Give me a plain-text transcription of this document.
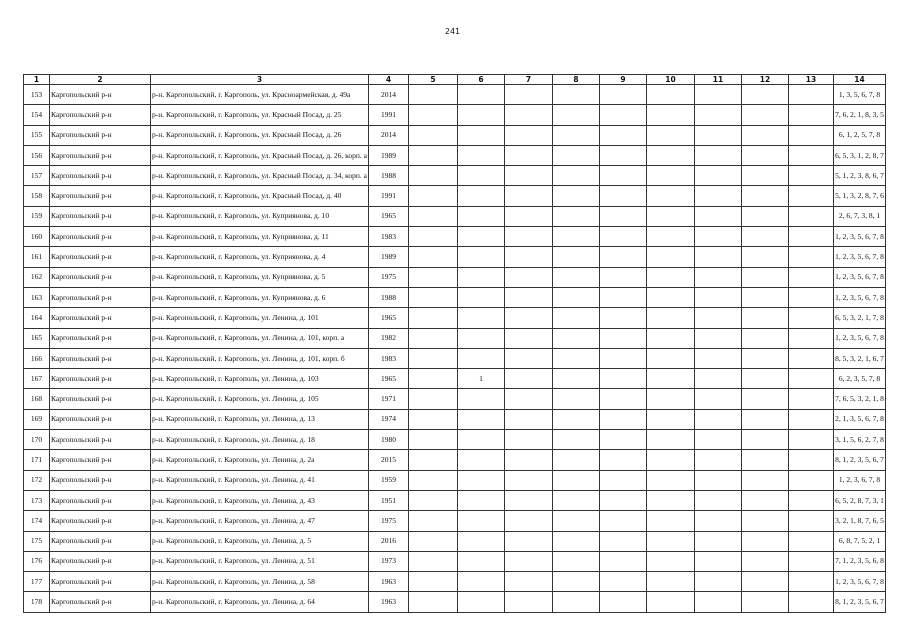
241
1	2	3	4	5	6	7	8	9	10	11	12	13	14
153	Каргопольский р-н	р-н. Каргопольский, г. Каргополь, ул. Красноармейская, д. 49а	2014										1, 3, 5, 6, 7, 8
154	Каргопольский р-н	р-н. Каргопольский, г. Каргополь, ул. Красный Посад, д. 25	1991										7, 6, 2, 1, 8, 3, 5
155	Каргопольский р-н	р-н. Каргопольский, г. Каргополь, ул. Красный Посад, д. 26	2014										6, 1, 2, 5, 7, 8
156	Каргопольский р-н	р-н. Каргопольский, г. Каргополь, ул. Красный Посад, д. 26, корп. а	1989										6, 5, 3, 1, 2, 8, 7
157	Каргопольский р-н	р-н. Каргопольский, г. Каргополь, ул. Красный Посад, д. 34, корп. а	1988										5, 1, 2, 3, 8, 6, 7
158	Каргопольский р-н	р-н. Каргопольский, г. Каргополь, ул. Красный Посад, д. 40	1991										5, 1, 3, 2, 8, 7, 6
159	Каргопольский р-н	р-н. Каргопольский, г. Каргополь, ул. Куприянова, д. 10	1965										2, 6, 7, 3, 8, 1
160	Каргопольский р-н	р-н. Каргопольский, г. Каргополь, ул. Куприянова, д. 11	1983										1, 2, 3, 5, 6, 7, 8
161	Каргопольский р-н	р-н. Каргопольский, г. Каргополь, ул. Куприянова, д. 4	1989										1, 2, 3, 5, 6, 7, 8
162	Каргопольский р-н	р-н. Каргопольский, г. Каргополь, ул. Куприянова, д. 5	1975										1, 2, 3, 5, 6, 7, 8
163	Каргопольский р-н	р-н. Каргопольский, г. Каргополь, ул. Куприянова, д. 6	1988										1, 2, 3, 5, 6, 7, 8
164	Каргопольский р-н	р-н. Каргопольский, г. Каргополь, ул. Ленина, д. 101	1965										6, 5, 3, 2, 1, 7, 8
165	Каргопольский р-н	р-н. Каргопольский, г. Каргополь, ул. Ленина, д. 101, корп. а	1982										1, 2, 3, 5, 6, 7, 8
166	Каргопольский р-н	р-н. Каргопольский, г. Каргополь, ул. Ленина, д. 101, корп. б	1983										8, 5, 3, 2, 1, 6, 7
167	Каргопольский р-н	р-н. Каргопольский, г. Каргополь, ул. Ленина, д. 103	1965		1								6, 2, 3, 5, 7, 8
168	Каргопольский р-н	р-н. Каргопольский, г. Каргополь, ул. Ленина, д. 105	1971										7, 6, 5, 3, 2, 1, 8
169	Каргопольский р-н	р-н. Каргопольский, г. Каргополь, ул. Ленина, д. 13	1974										2, 1, 3, 5, 6, 7, 8
170	Каргопольский р-н	р-н. Каргопольский, г. Каргополь, ул. Ленина, д. 18	1980										3, 1, 5, 6, 2, 7, 8
171	Каргопольский р-н	р-н. Каргопольский, г. Каргополь, ул. Ленина, д. 2а	2015										8, 1, 2, 3, 5, 6, 7
172	Каргопольский р-н	р-н. Каргопольский, г. Каргополь, ул. Ленина, д. 41	1959										1, 2, 3, 6, 7, 8
173	Каргопольский р-н	р-н. Каргопольский, г. Каргополь, ул. Ленина, д. 43	1951										6, 5, 2, 8, 7, 3, 1
174	Каргопольский р-н	р-н. Каргопольский, г. Каргополь, ул. Ленина, д. 47	1975										3, 2, 1, 8, 7, 6, 5
175	Каргопольский р-н	р-н. Каргопольский, г. Каргополь, ул. Ленина, д. 5	2016										6, 8, 7, 5, 2, 1
176	Каргопольский р-н	р-н. Каргопольский, г. Каргополь, ул. Ленина, д. 51	1973										7, 1, 2, 3, 5, 6, 8
177	Каргопольский р-н	р-н. Каргопольский, г. Каргополь, ул. Ленина, д. 58	1963										1, 2, 3, 5, 6, 7, 8
178	Каргопольский р-н	р-н. Каргопольский, г. Каргополь, ул. Ленина, д. 64	1963										8, 1, 2, 3, 5, 6, 7
